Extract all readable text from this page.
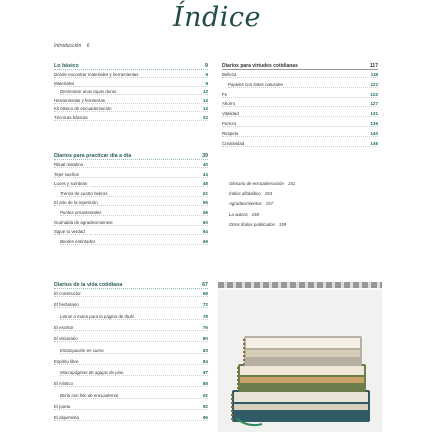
Índice
Introducción 6
Lo básico	9
Dónde encontrar materiales y herramientas	9
Materiales	9
Desmontar unas tapas duras	12
Herramientas y ferreterías	14
Kit básico de encuadernación	14
Técnicas básicas	22
Diarios para practicar día a día	39
Ritual matutino	40
Tejer sueños	44
Luces y sombras	48
Trenza de cuatro hebras	51
El arte de la repetición	55
Puntos ornamentales	56
Guirnalda de agradecimientos	60
Sigue tu verdad	64
Bordes entintados	66
Diarios de la vida cotidiana	67
El constructor	68
El herbolario	72
Letras a mano para la página de título	75
El escritor	76
El visionario	80
Estampación en cuero	83
Espíritu libre	84
Marcapáginas de agujas de pino	87
El místico	88
Borla con hilo de encuadernar	91
El poeta	92
El alquimista	96
Glosario de encuadernación 151
Índice alfabético 153
Agradecimientos 157
La autora 158
Otros títulos publicados 159
Diarios para virtudes cotidianas	117
Belleza	118
Papeles con tintes naturales	121
Fe	122
Ahorro	127
Vitalidad	131
Pureza	135
Respeto	140
Creatividad	146
